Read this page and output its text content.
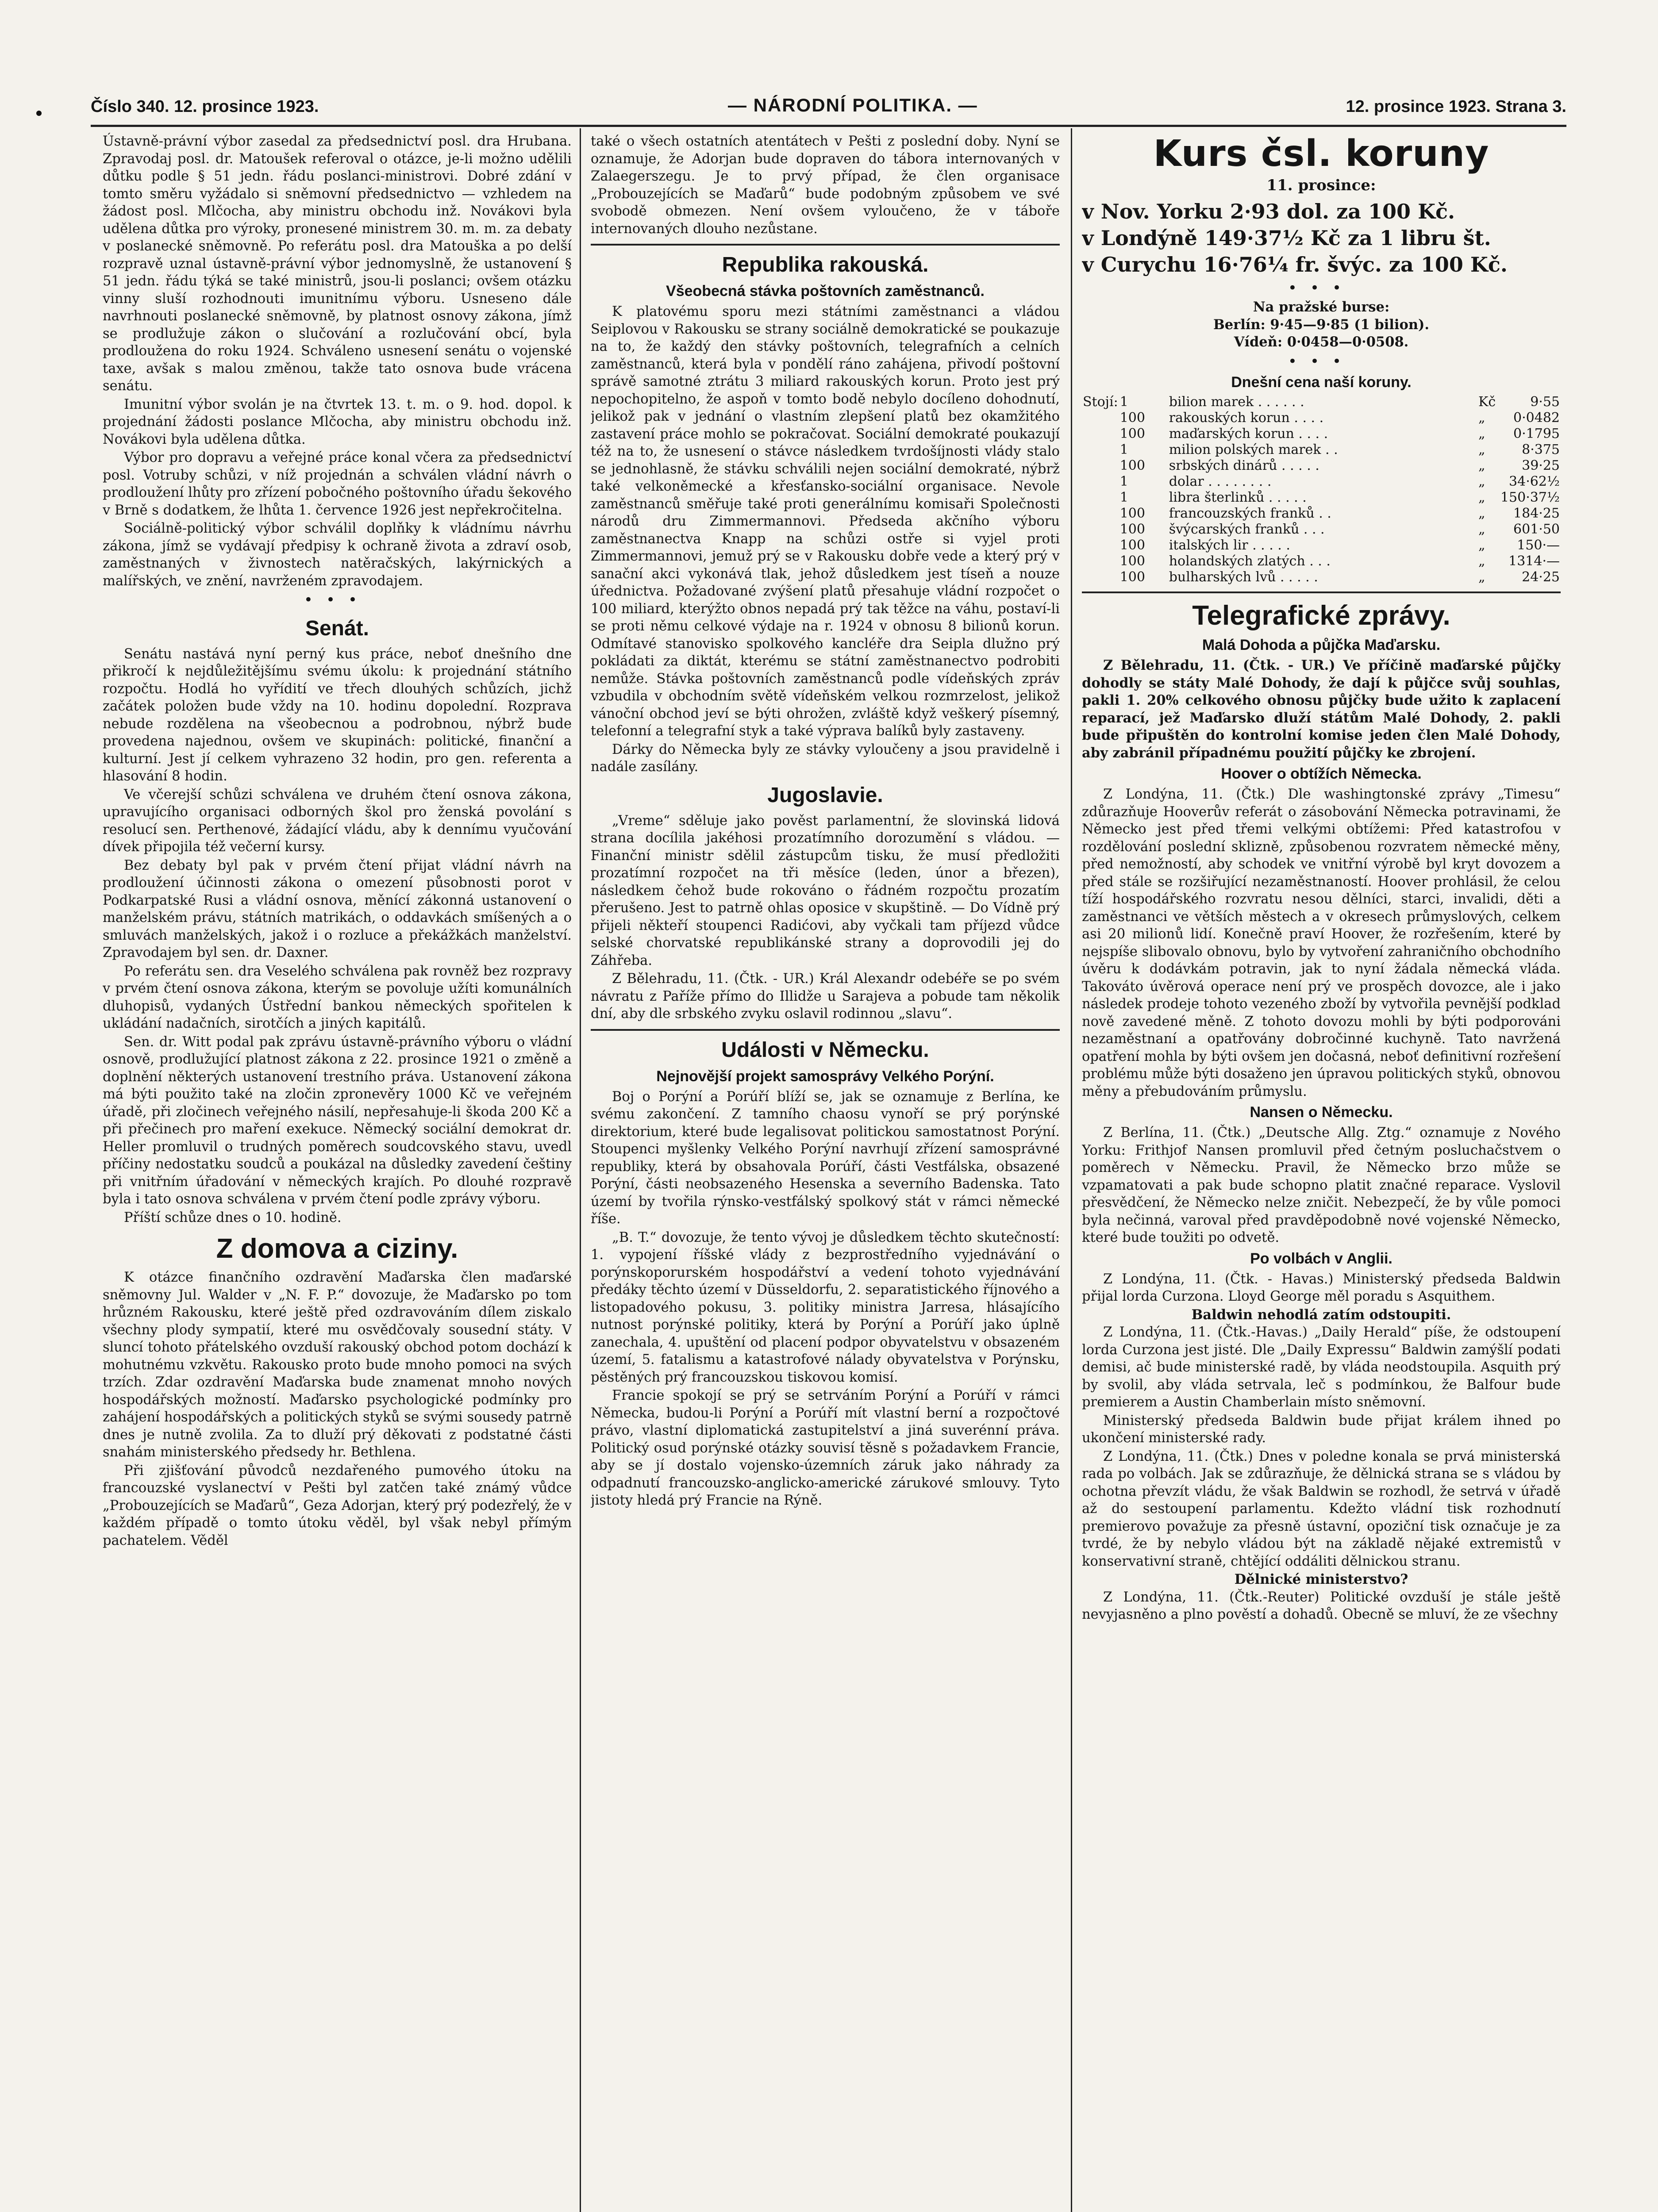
Číslo 340. 12. prosince 1923.	— NÁRODNÍ POLITIKA. —	12. prosince 1923. Strana 3.

Ústavně-právní výbor zasedal za předsednictví posl. dra Hrubana. Zpravodaj posl. dr. Matoušek referoval o otázce, je-li možno udělili důtku podle § 51 jedn. řádu poslanci-ministrovi. Dobré zdání v tomto směru vyžádalo si sněmovní předsednictvo — vzhledem na žádost posl. Mlčocha, aby ministru obchodu inž. Novákovi byla udělena důtka pro výroky, pronesené ministrem 30. m. m. za debaty v poslanecké sněmovně. Po referátu posl. dra Matouška a po delší rozpravě uznal ústavně-právní výbor jednomyslně, že ustanovení § 51 jedn. řádu týká se také ministrů, jsou-li poslanci; ovšem otázku vinny sluší rozhodnouti imunitnímu výboru. Usneseno dále navrhnouti poslanecké sněmovně, by platnost osnovy zákona, jímž se prodlužuje zákon o slučování a rozlučování obcí, byla prodloužena do roku 1924. Schváleno usnesení senátu o vojenské taxe, avšak s malou změnou, takže tato osnova bude vrácena senátu.

Imunitní výbor svolán je na čtvrtek 13. t. m. o 9. hod. dopol. k projednání žádosti poslance Mlčocha, aby ministru obchodu inž. Novákovi byla udělena důtka.

Výbor pro dopravu a veřejné práce konal včera za předsednictví posl. Votruby schůzi, v níž projednán a schválen vládní návrh o prodloužení lhůty pro zřízení pobočného poštovního úřadu šekového v Brně s dodatkem, že lhůta 1. července 1926 jest nepřekročitelna.

Sociálně-politický výbor schválil doplňky k vládnímu návrhu zákona, jímž se vydávají předpisy k ochraně života a zdraví osob, zaměstnaných v živnostech natěračských, lakýrnických a malířských, ve znění, navrženém zpravodajem.

•••
Senát.

Senátu nastává nyní perný kus práce, neboť dnešního dne přikročí k nejdůležitějšímu svému úkolu: k projednání státního rozpočtu. Hodlá ho vyřídití ve třech dlouhých schůzích, jichž začátek položen bude vždy na 10. hodinu dopolední. Rozprava nebude rozdělena na všeobecnou a podrobnou, nýbrž bude provedena najednou, ovšem ve skupinách: politické, finanční a kulturní. Jest jí celkem vyhrazeno 32 hodin, pro gen. referenta a hlasování 8 hodin.

Ve včerejší schůzi schválena ve druhém čtení osnova zákona, upravujícího organisaci odborných škol pro ženská povolání s resolucí sen. Perthenové, žádající vládu, aby k dennímu vyučování dívek připojila též večerní kursy.

Bez debaty byl pak v prvém čtení přijat vládní návrh na prodloužení účinnosti zákona o omezení působnosti porot v Podkarpatské Rusi a vládní osnova, měnící zákonná ustanovení o manželském právu, státních matrikách, o oddavkách smíšených a o smluvách manželských, jakož i o rozluce a překážkách manželství. Zpravodajem byl sen. dr. Daxner.

Po referátu sen. dra Veselého schválena pak rovněž bez rozpravy v prvém čtení osnova zákona, kterým se povoluje užíti komunálních dluhopisů, vydaných Ústřední bankou německých spořitelen k ukládání nadačních, sirotčích a jiných kapitálů.

Sen. dr. Witt podal pak zprávu ústavně-právního výboru o vládní osnově, prodlužující platnost zákona z 22. prosince 1921 o změně a doplnění některých ustanovení trestního práva. Ustanovení zákona má býti použito také na zločin zpronevěry 1000 Kč ve veřejném úřadě, při zločinech veřejného násilí, nepřesahuje-li škoda 200 Kč a při přečinech pro maření exekuce. Německý sociální demokrat dr. Heller promluvil o trudných poměrech soudcovského stavu, uvedl příčiny nedostatku soudců a poukázal na důsledky zavedení češtiny při vnitřním úřadování v německých krajích. Po dlouhé rozpravě byla i tato osnova schválena v prvém čtení podle zprávy výboru.

Příští schůze dnes o 10. hodině.

Z domova a ciziny.

K otázce finančního ozdravění Maďarska člen maďarské sněmovny Jul. Walder v „N. F. P.“ dovozuje, že Maďarsko po tom hrůzném Rakousku, které ještě před ozdravováním dílem ziskalo všechny plody sympatií, které mu osvědčovaly sousední státy. V sluncí tohoto přátelského ovzduší rakouský obchod potom dochází k mohutnému vzkvětu. Rakousko proto bude mnoho pomoci na svých trzích. Zdar ozdravění Maďarska bude znamenat mnoho nových hospodářských možností. Maďarsko psychologické podmínky pro zahájení hospodářských a politických styků se svými sousedy patrně dnes je nutně zvolila. Za to dluží prý děkovati z podstatné části snahám ministerského předsedy hr. Bethlena.

Při zjišťování původců nezdařeného pumového útoku na francouzské vyslanectví v Pešti byl zatčen také známý vůdce „Probouzejících se Maďarů“, Geza Adorjan, který prý podezřelý, že v každém případě o tomto útoku věděl, byl však nebyl přímým pachatelem. Věděl

také o všech ostatních atentátech v Pešti z poslední doby. Nyní se oznamuje, že Adorjan bude dopraven do tábora internovaných v Zalaegerszegu. Je to prvý případ, že člen organisace „Probouzejících se Maďarů“ bude podobným způsobem ve své svobodě obmezen. Není ovšem vyloučeno, že v táboře internovaných dlouho nezůstane.

Republika rakouská.
Všeobecná stávka poštovních zaměstnanců.

K platovému sporu mezi státními zaměstnanci a vládou Seiplovou v Rakousku se strany sociálně demokratické se poukazuje na to, že každý den stávky poštovních, telegrafních a celních zaměstnanců, která byla v pondělí ráno zahájena, přivodí poštovní správě samotné ztrátu 3 miliard rakouských korun. Proto jest prý nepochopitelno, že aspoň v tomto bodě nebylo docíleno dohodnutí, jelikož pak v jednání o vlastním zlepšení platů bez okamžitého zastavení práce mohlo se pokračovat. Sociální demokraté poukazují též na to, že usnesení o stávce následkem tvrdošíjnosti vlády stalo se jednohlasně, že stávku schválili nejen sociální demokraté, nýbrž také velkoněmecké a křesťansko-sociální organisace. Nevole zaměstnanců směřuje také proti generálnímu komisaři Společnosti národů dru Zimmermannovi. Předseda akčního výboru zaměstnanectva Knapp na schůzi ostře si vyjel proti Zimmermannovi, jemuž prý se v Rakousku dobře vede a který prý v sanační akci vykonává tlak, jehož důsledkem jest tíseň a nouze úřednictva. Požadované zvýšení platů přesahuje vládní rozpočet o 100 miliard, kterýžto obnos nepadá prý tak těžce na váhu, postaví-li se proti němu celkové výdaje na r. 1924 v obnosu 8 bilionů korun. Odmítavé stanovisko spolkového kancléře dra Seipla dlužno prý pokládati za diktát, kterému se státní zaměstnanectvo podrobiti nemůže. Stávka poštovních zaměstnanců podle vídeňských zpráv vzbudila v obchodním světě vídeňském velkou rozmrzelost, jelikož vánoční obchod jeví se býti ohrožen, zvláště když veškerý písemný, telefonní a telegrafní styk a také výprava balíků byly zastaveny.

Dárky do Německa byly ze stávky vyloučeny a jsou pravidelně i nadále zasílány.

Jugoslavie.

„Vreme“ sděluje jako pověst parlamentní, že slovinská lidová strana docílila jakéhosi prozatímního dorozumění s vládou. — Finanční ministr sdělil zástupcům tisku, že musí předložiti prozatímní rozpočet na tři měsíce (leden, únor a březen), následkem čehož bude rokováno o řádném rozpočtu prozatím přerušeno. Jest to patrně ohlas oposice v skupštině. — Do Vídně prý přijeli někteří stoupenci Radićovi, aby vyčkali tam příjezd vůdce selské chorvatské republikánské strany a doprovodili jej do Záhřeba.

Z Bělehradu, 11. (Čtk. - UR.) Král Alexandr odebéře se po svém návratu z Paříže přímo do Illidže u Sarajeva a pobude tam několik dní, aby dle srbského zvyku oslavil rodinnou „slavu“.

Události v Německu.
Nejnovější projekt samosprávy Velkého Porýní.

Boj o Porýní a Porúří blíží se, jak se oznamuje z Berlína, ke svému zakončení. Z tamního chaosu vynoří se prý porýnské direktorium, které bude legalisovat politickou samostatnost Porýní. Stoupenci myšlenky Velkého Porýní navrhují zřízení samosprávné republiky, která by obsahovala Porúří, části Vestfálska, obsazené Porýní, části neobsazeného Hesenska a severního Badenska. Tato území by tvořila rýnsko-vestfálský spolkový stát v rámci německé říše.

„B. T.“ dovozuje, že tento vývoj je důsledkem těchto skutečností: 1. vypojení říšské vlády z bezprostředního vyjednávání o porýnskoporurském hospodářství a vedení tohoto vyjednávání předáky těchto území v Düsseldorfu, 2. separatistického říjnového a listopadového pokusu, 3. politiky ministra Jarresa, hlásajícího nutnost porýnské politiky, která by Porýní a Porúří jako úplně zanechala, 4. upuštění od placení podpor obyvatelstvu v obsazeném území, 5. fatalismu a katastrofové nálady obyvatelstva v Porýnsku, pěstěných prý francouzskou tiskovou komisí.

Francie spokojí se prý se setrváním Porýní a Porúří v rámci Německa, budou-li Porýní a Porúří mít vlastní berní a rozpočtové právo, vlastní diplomatická zastupitelství a jiná suverénní práva. Politický osud porýnské otázky souvisí těsně s požadavkem Francie, aby se jí dostalo vojensko-územních záruk jako náhrady za odpadnutí francouzsko-anglicko-americké zárukové smlouvy. Tyto jistoty hledá prý Francie na Rýně.

Kurs čsl. koruny
11. prosince:
v Nov. Yorku 2·93 dol. za 100 Kč.
v Londýně 149·37½ Kč za 1 libru št.
v Curychu 16·76¼ fr. švýc. za 100 Kč.
•••
Na pražské burse:
Berlín: 9·45—9·85 (1 bilion).
Vídeň: 0·0458—0·0508.
•••
Dnešní cena naší koruny.
Stojí:	1	bilion marek . . . . . .	Kč	9·55
	100	rakouských korun . . . .	„	0·0482
	100	maďarských korun . . . .	„	0·1795
	1	milion polských marek . .	„	8·375
	100	srbských dinárů . . . . .	„	39·25
	1	dolar . . . . . . . .	„	34·62½
	1	libra šterlinků . . . . .	„	150·37½
	100	francouzských franků . .	„	184·25
	100	švýcarských franků . . .	„	601·50
	100	italských lir . . . . .	„	150·—
	100	holandských zlatých . . .	„	1314·—
	100	bulharských lvů . . . . .	„	24·25
Telegrafické zprávy.
Malá Dohoda a půjčka Maďarsku.

Z Bělehradu, 11. (Čtk. - UR.) Ve příčině maďarské půjčky dohodly se státy Malé Dohody, že dají k půjčce svůj souhlas, pakli 1. 20% celkového obnosu půjčky bude užito k zaplacení reparací, jež Maďarsko dluží státům Malé Dohody, 2. pakli bude připuštěn do kontrolní komise jeden člen Malé Dohody, aby zabránil případnému použití půjčky ke zbrojení.

Hoover o obtížích Německa.

Z Londýna, 11. (Čtk.) Dle washingtonské zprávy „Timesu“ zdůrazňuje Hooverův referát o zásobování Německa potravinami, že Německo jest před třemi velkými obtížemi: Před katastrofou v rozdělování poslední sklizně, způsobenou rozvratem německé měny, před nemožností, aby schodek ve vnitřní výrobě byl kryt dovozem a před stále se rozšiřující nezaměstnaností. Hoover prohlásil, že celou tíží hospodářského rozvratu nesou dělníci, starci, invalidi, děti a zaměstnanci ve větších městech a v okresech průmyslových, celkem asi 20 milionů lidí. Konečně praví Hoover, že rozřešením, které by nejspíše slibovalo obnovu, bylo by vytvoření zahraničního obchodního úvěru k dodávkám potravin, jak to nyní žádala německá vláda. Takováto úvěrová operace není prý ve prospěch dovozce, ale i jako následek prodeje tohoto vezeného zboží by vytvořila pevnější podklad nově zavedené měně. Z tohoto dovozu mohli by býti podporováni nezaměstnaní a opatřovány dobročinné kuchyně. Tato navržená opatření mohla by býti ovšem jen dočasná, neboť definitivní rozřešení problému může býti dosaženo jen úpravou politických styků, obnovou měny a přebudováním průmyslu.

Nansen o Německu.

Z Berlína, 11. (Čtk.) „Deutsche Allg. Ztg.“ oznamuje z Nového Yorku: Frithjof Nansen promluvil před četným posluchačstvem o poměrech v Německu. Pravil, že Německo brzo může se vzpamatovati a pak bude schopno platit značné reparace. Vyslovil přesvědčení, že Německo nelze zničit. Nebezpečí, že by vůle pomoci byla nečinná, varoval před pravděpodobně nové vojenské Německo, které bude toužiti po odvetě.

Po volbách v Anglii.

Z Londýna, 11. (Čtk. - Havas.) Ministerský předseda Baldwin přijal lorda Curzona. Lloyd George měl poradu s Asquithem.

Baldwin nehodlá zatím odstoupiti.

Z Londýna, 11. (Čtk.-Havas.) „Daily Herald“ píše, že odstoupení lorda Curzona jest jisté. Dle „Daily Expressu“ Baldwin zamýšlí podati demisi, ač bude ministerské radě, by vláda neodstoupila. Asquith prý by svolil, aby vláda setrvala, leč s podmínkou, že Balfour bude premierem a Austin Chamberlain místo sněmovní.

Ministerský předseda Baldwin bude přijat králem ihned po ukončení ministerské rady.

Z Londýna, 11. (Čtk.) Dnes v poledne konala se prvá ministerská rada po volbách. Jak se zdůrazňuje, že dělnická strana se s vládou by ochotna převzít vládu, že však Baldwin se rozhodl, že setrvá v úřadě až do sestoupení parlamentu. Kdežto vládní tisk rozhodnutí premierovo považuje za přesně ústavní, opoziční tisk označuje je za tvrdé, že by nebylo vládou být na základě nějaké extremistů v konservativní straně, chtějící oddáliti dělnickou stranu.

Dělnické ministerstvo?

Z Londýna, 11. (Čtk.-Reuter) Politické ovzduší je stále ještě nevyjasněno a plno pověstí a dohadů. Obecně se mluví, že ze všechny
